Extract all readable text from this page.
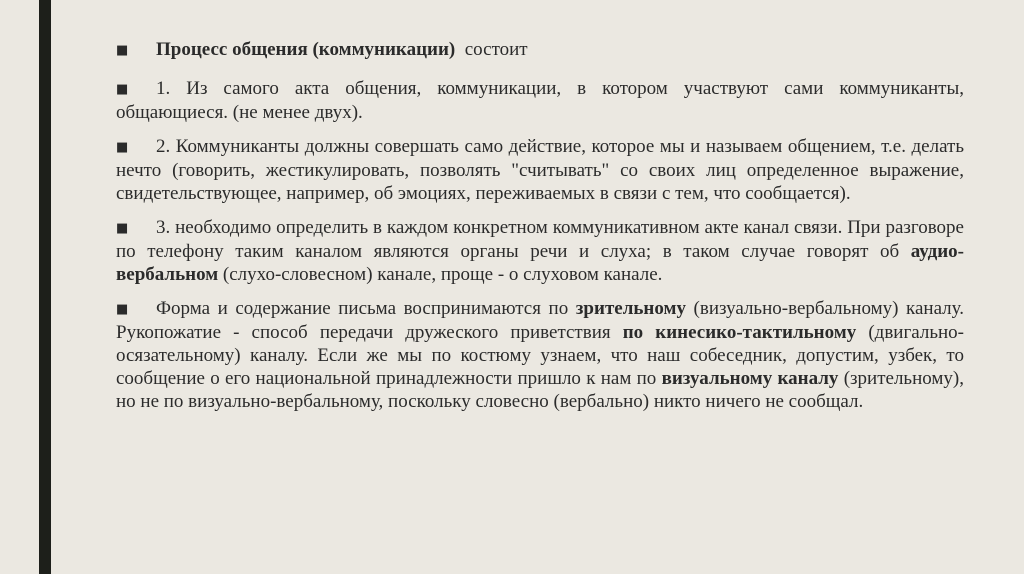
■ Процесс общения (коммуникации)  состоит

■ 1. Из самого акта общения, коммуникации, в котором участвуют сами коммуниканты, общающиеся. (не менее двух).

■ 2. Коммуниканты должны совершать само действие, которое мы и называем общением, т.е. делать нечто (говорить, жестикулировать, позволять "считывать" со своих лиц определенное выражение, свидетельствующее, например, об эмоциях, переживаемых в связи с тем, что сообщается).

■ 3. необходимо определить в каждом конкретном коммуникативном акте канал связи. При разговоре по телефону таким каналом являются органы речи и слуха; в таком случае говорят об аудио-вербальном (слухо-словесном) канале, проще - о слуховом канале.

■ Форма и содержание письма воспринимаются по зрительному (визуально-вербальному) каналу. Рукопожатие - способ передачи дружеского приветствия по кинесико-тактильному (двигально-осязательному) каналу. Если же мы по костюму узнаем, что наш собеседник, допустим, узбек, то сообщение о его национальной принадлежности пришло к нам по визуальному каналу (зрительному), но не по визуально-вербальному, поскольку словесно (вербально) никто ничего не сообщал.
